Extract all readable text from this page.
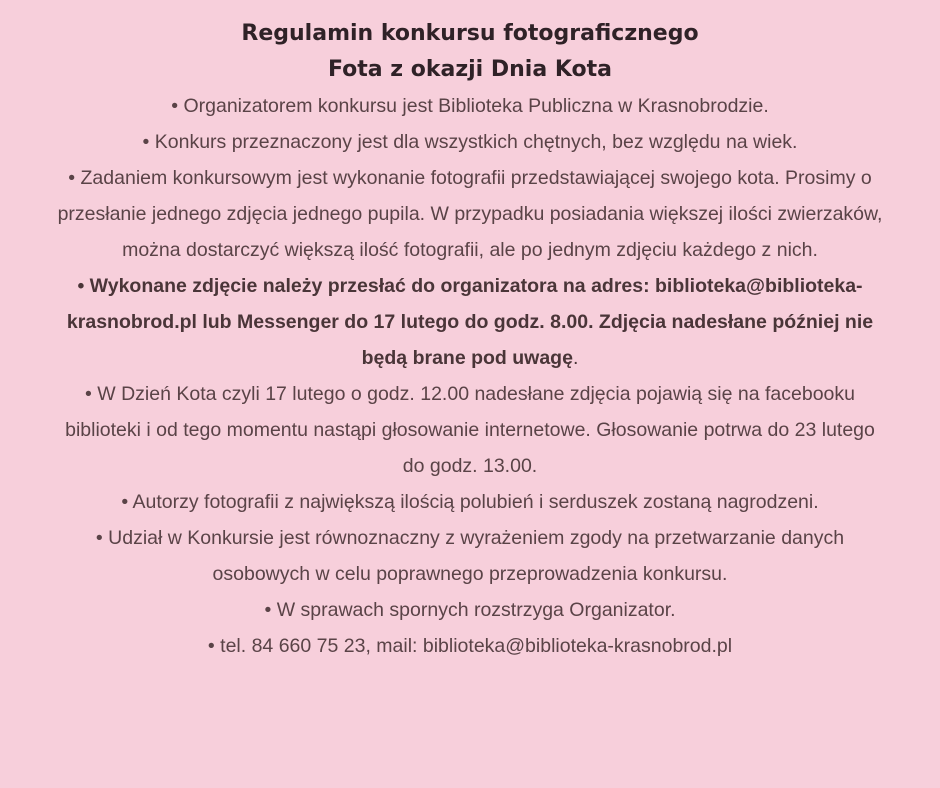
Regulamin konkursu fotograficznego
Fota z okazji Dnia Kota

• Organizatorem konkursu jest Biblioteka Publiczna w Krasnobrodzie.

• Konkurs przeznaczony jest dla wszystkich chętnych, bez względu na wiek.

• Zadaniem konkursowym jest wykonanie fotografii przedstawiającej swojego kota. Prosimy o przesłanie jednego zdjęcia jednego pupila. W przypadku posiadania większej ilości zwierzaków, można dostarczyć większą ilość fotografii, ale po jednym zdjęciu każdego z nich.

• Wykonane zdjęcie należy przesłać do organizatora na adres: biblioteka@biblioteka-krasnobrod.pl lub Messenger do 17 lutego do godz. 8.00. Zdjęcia nadesłane później nie będą brane pod uwagę.

• W Dzień Kota czyli 17 lutego o godz. 12.00 nadesłane zdjęcia pojawią się na facebooku biblioteki i od tego momentu nastąpi głosowanie internetowe. Głosowanie potrwa do 23 lutego do godz. 13.00.

• Autorzy fotografii z największą ilością polubień i serduszek zostaną nagrodzeni.

• Udział w Konkursie jest równoznaczny z wyrażeniem zgody na przetwarzanie danych osobowych w celu poprawnego przeprowadzenia konkursu.

• W sprawach spornych rozstrzyga Organizator.

• tel. 84 660 75 23, mail: biblioteka@biblioteka-krasnobrod.pl
